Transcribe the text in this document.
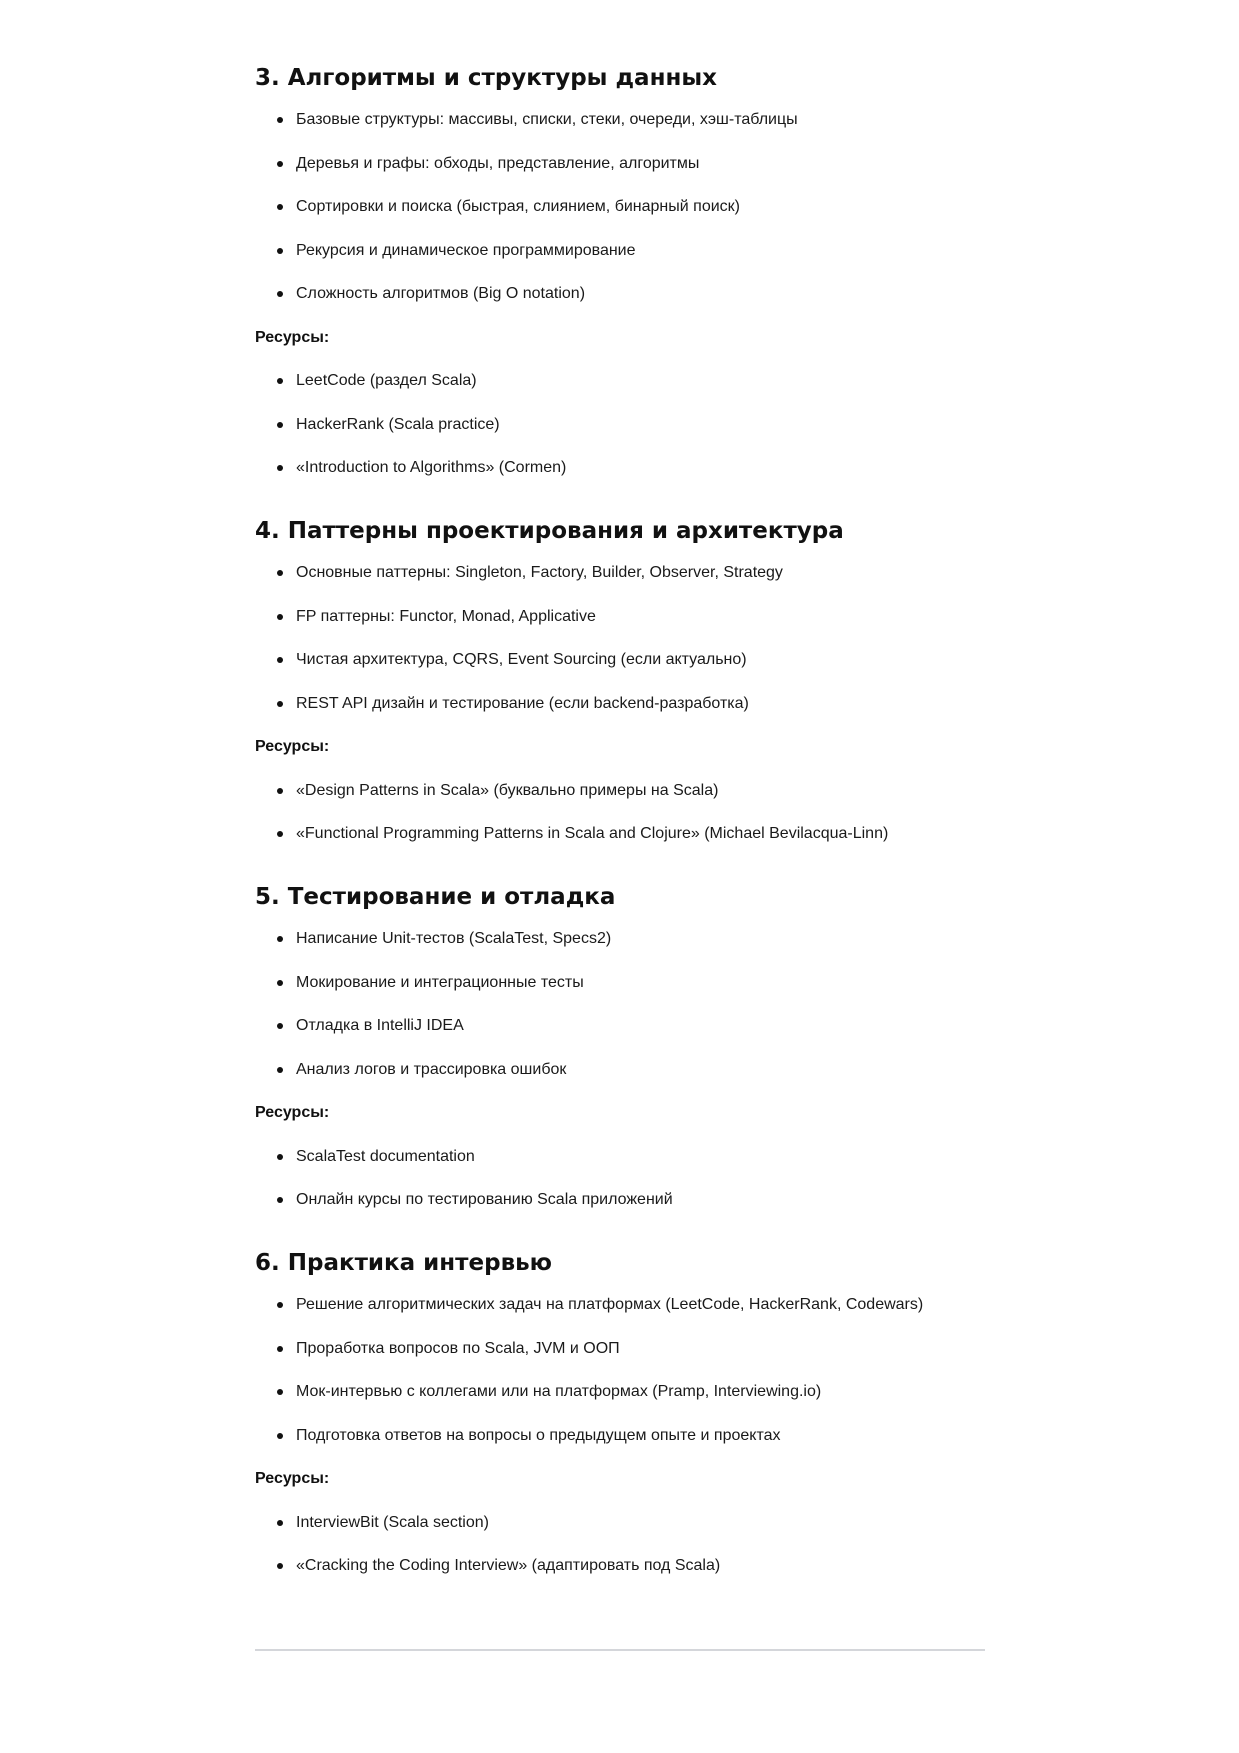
3. Алгоритмы и структуры данных
Базовые структуры: массивы, списки, стеки, очереди, хэш-таблицы
Деревья и графы: обходы, представление, алгоритмы
Сортировки и поиска (быстрая, слиянием, бинарный поиск)
Рекурсия и динамическое программирование
Сложность алгоритмов (Big O notation)
Ресурсы:
LeetCode (раздел Scala)
HackerRank (Scala practice)
«Introduction to Algorithms» (Cormen)
4. Паттерны проектирования и архитектура
Основные паттерны: Singleton, Factory, Builder, Observer, Strategy
FP паттерны: Functor, Monad, Applicative
Чистая архитектура, CQRS, Event Sourcing (если актуально)
REST API дизайн и тестирование (если backend-разработка)
Ресурсы:
«Design Patterns in Scala» (буквально примеры на Scala)
«Functional Programming Patterns in Scala and Clojure» (Michael Bevilacqua-Linn)
5. Тестирование и отладка
Написание Unit-тестов (ScalaTest, Specs2)
Мокирование и интеграционные тесты
Отладка в IntelliJ IDEA
Анализ логов и трассировка ошибок
Ресурсы:
ScalaTest documentation
Онлайн курсы по тестированию Scala приложений
6. Практика интервью
Решение алгоритмических задач на платформах (LeetCode, HackerRank, Codewars)
Проработка вопросов по Scala, JVM и ООП
Мок-интервью с коллегами или на платформах (Pramp, Interviewing.io)
Подготовка ответов на вопросы о предыдущем опыте и проектах
Ресурсы:
InterviewBit (Scala section)
«Cracking the Coding Interview» (адаптировать под Scala)
